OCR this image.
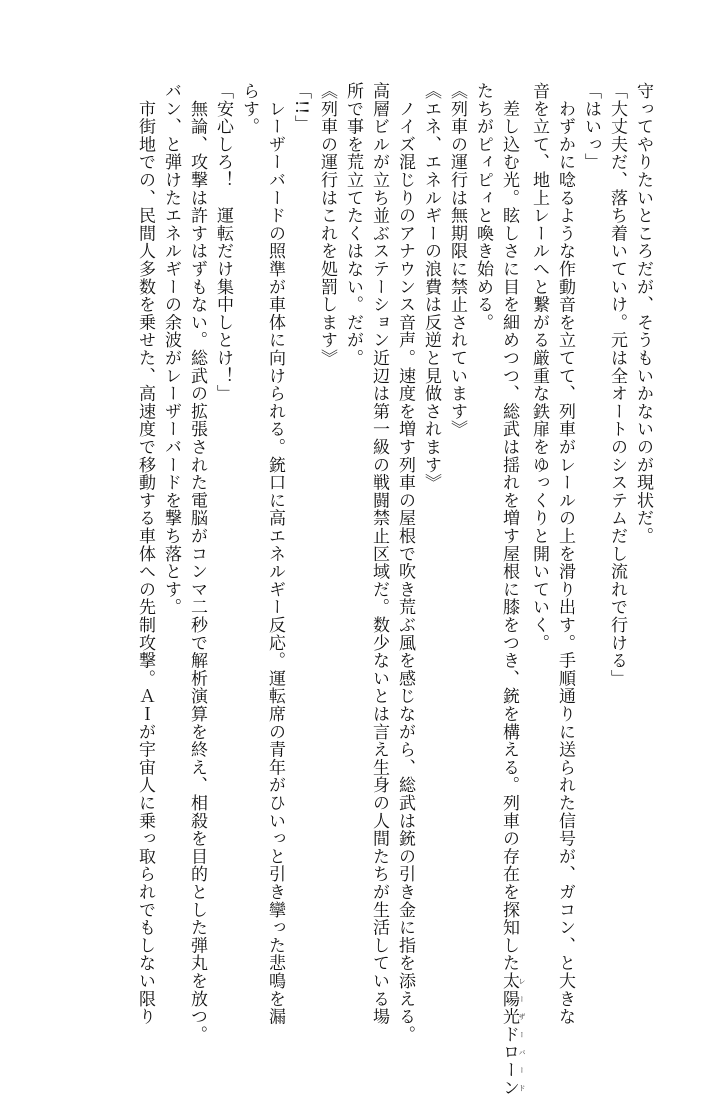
守ってやりたいところだが、そうもいかないのが現状だ。
「大丈夫だ、落ち着いていけ。元は全オートのシステムだし流れで行ける」
「はいっ」
　わずかに唸るような作動音を立てて、列車がレールの上を滑り出す。手順通りに送られた信号が、ガコン、と大きな
音を立て、地上レールへと繋がる厳重な鉄扉をゆっくりと開いていく。
　差し込む光。眩しさに目を細めつつ、総武は揺れを増す屋根に膝をつき、銃を構える。列車の存在を探知した太陽光ドローン レーザーバード
たちがピィピィと喚き始める。
《列車の運行は無期限に禁止されています》
《エネ、エネルギーの浪費は反逆と見做されます》
　ノイズ混じりのアナウンス音声。速度を増す列車の屋根で吹き荒ぶ風を感じながら、総武は銃の引き金に指を添える。
高層ビルが立ち並ぶステーション近辺は第一級の戦闘禁止区域だ。数少ないとは言え生身の人間たちが生活している場
所で事を荒立てたくはない。だが。
《列車の運行はこれを処罰します》
「!!」
　レーザーバードの照準が車体に向けられる。銃口に高エネルギー反応。運転席の青年がひいっと引き攣った悲鳴を漏
らす。
「安心しろ！　運転だけ集中しとけ！」
　無論、攻撃は許すはずもない。総武の拡張された電脳がコンマ二秒で解析演算を終え、相殺を目的とした弾丸を放つ。
バン、と弾けたエネルギーの余波がレーザーバードを撃ち落とす。
　市街地での、民間人多数を乗せた、高速度で移動する車体への先制攻撃。ＡＩが宇宙人に乗っ取られでもしない限り
